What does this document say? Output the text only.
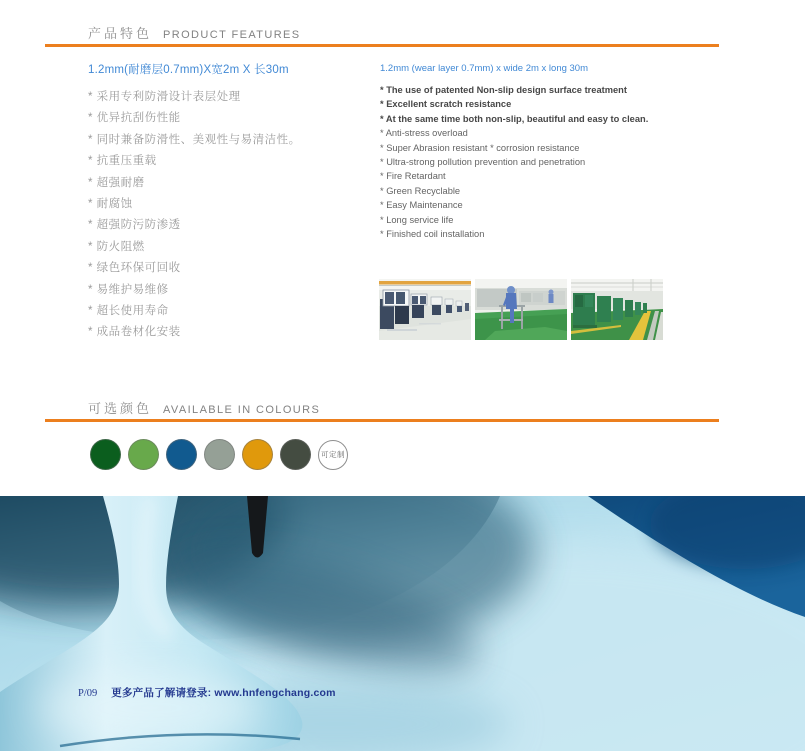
产品特色 PRODUCT FEATURES
1.2mm(耐磨层0.7mm)X宽2m X 长30m
* 采用专利防滑设计表层处理
* 优异抗刮伤性能
* 同时兼备防滑性、美观性与易清洁性。
* 抗重压重载
* 超强耐磨
* 耐腐蚀
* 超强防污防渗透
* 防火阻燃
* 绿色环保可回收
* 易维护易维修
* 超长使用寿命
* 成品卷材化安装
1.2mm (wear layer 0.7mm) x wide 2m x long 30m
* The use of patented Non-slip design surface treatment
* Excellent scratch resistance
* At the same time both non-slip, beautiful and easy to clean.
* Anti-stress overload
* Super Abrasion resistant * corrosion resistance
* Ultra-strong pollution prevention and penetration
* Fire Retardant
* Green Recyclable
* Easy Maintenance
* Long service life
* Finished coil installation
可选颜色 AVAILABLE IN COLOURS
可定制
P/09 更多产品了解请登录: www.hnfengchang.com
